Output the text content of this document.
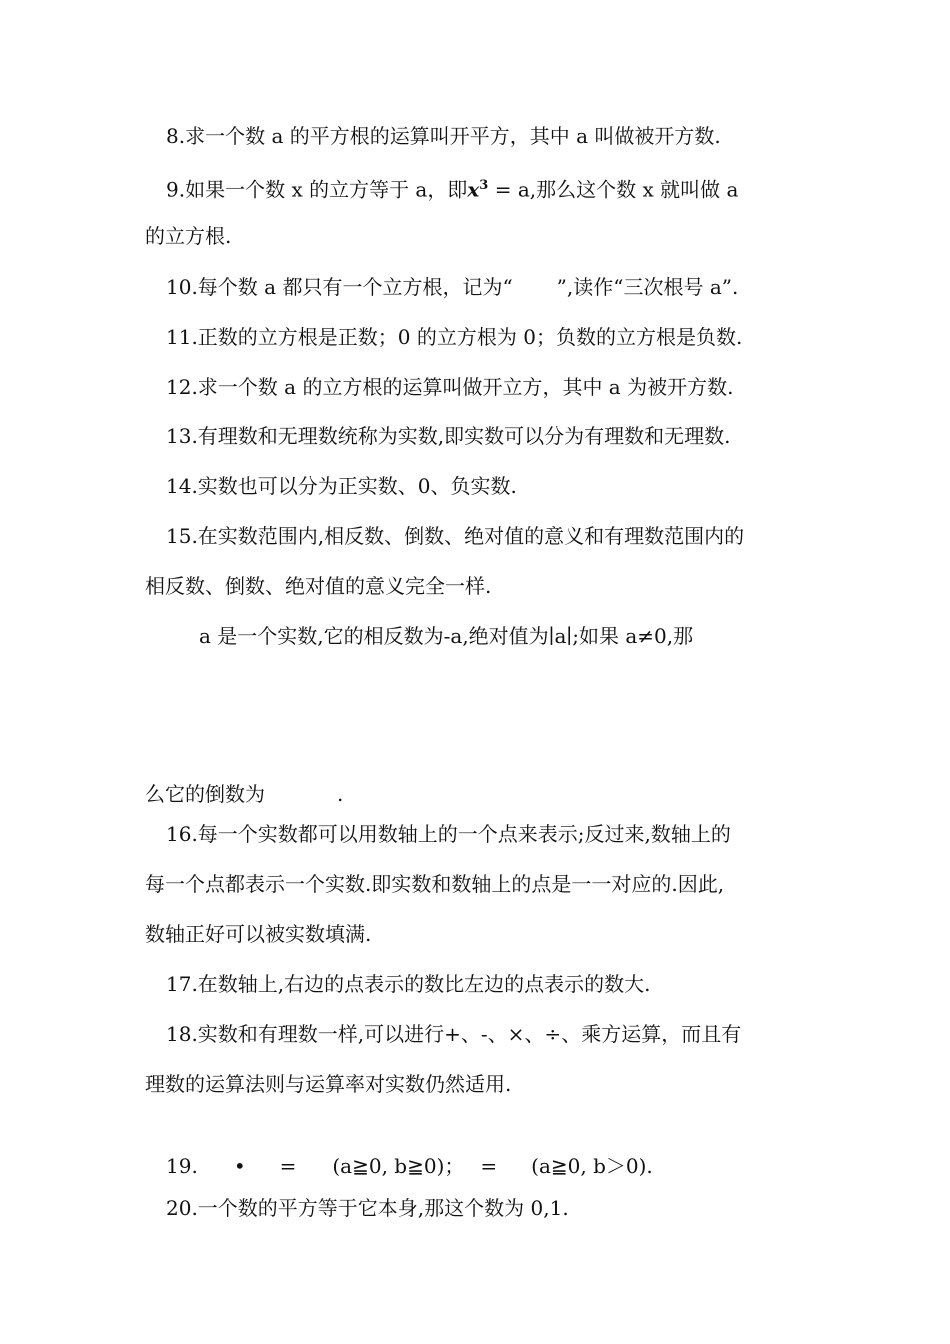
8.求一个数 a 的平方根的运算叫开平方，其中 a 叫做被开方数.
9.如果一个数 x 的立方等于 a，即$x^3 = a$,那么这个数 x 就叫做 a
的立方根.
10.每个数 a 都只有一个立方根，记为“ ”,读作“三次根号 a”.
11.正数的立方根是正数；0 的立方根为 0；负数的立方根是负数.
12.求一个数 a 的立方根的运算叫做开立方，其中 a 为被开方数.
13.有理数和无理数统称为实数,即实数可以分为有理数和无理数.
14.实数也可以分为正实数、0、负实数.
15.在实数范围内,相反数、倒数、绝对值的意义和有理数范围内的
相反数、倒数、绝对值的意义完全一样.
a 是一个实数,它的相反数为-a,绝对值为∣a∣;如果 a≠0,那
么它的倒数为	.
16.每一个实数都可以用数轴上的一个点来表示;反过来,数轴上的
每一个点都表示一个实数.即实数和数轴上的点是一一对应的.因此,
数轴正好可以被实数填满.
17.在数轴上,右边的点表示的数比左边的点表示的数大.
18.实数和有理数一样,可以进行+、-、×、÷、乘方运算，而且有
理数的运算法则与运算率对实数仍然适用.
19. • = (a≧0, b≧0)； = (a≧0, b＞0).
20.一个数的平方等于它本身,那这个数为 0,1.
